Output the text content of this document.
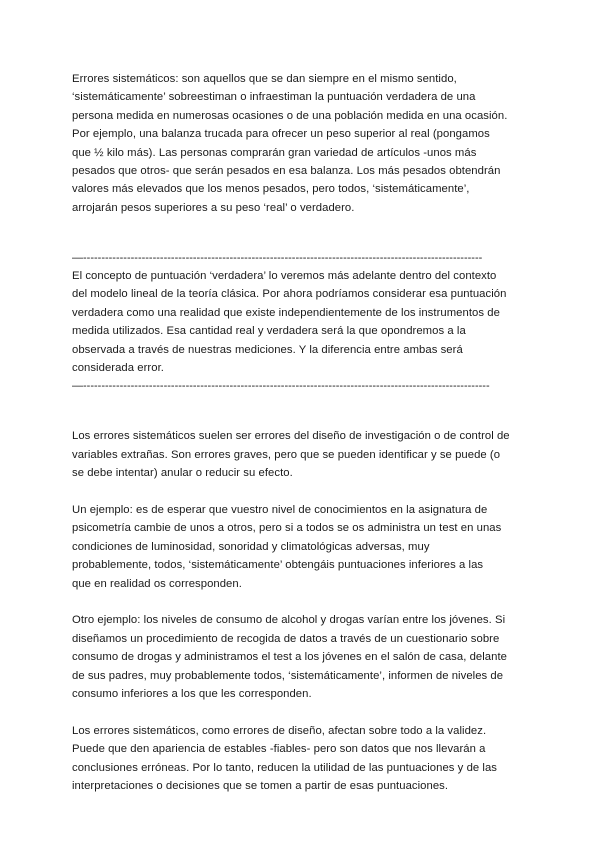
Errores sistemáticos: son aquellos que se dan siempre en el mismo sentido,
‘sistemáticamente’ sobreestiman o infraestiman la puntuación verdadera de una
persona medida en numerosas ocasiones o de una población medida en una ocasión.
Por ejemplo, una balanza trucada para ofrecer un peso superior al real (pongamos
que ½ kilo más). Las personas comprarán gran variedad de artículos -unos más
pesados que otros- que serán pesados en esa balanza. Los más pesados obtendrán
valores más elevados que los menos pesados, pero todos, ‘sistemáticamente’,
arrojarán pesos superiores a su peso ‘real’ o verdadero.

—-------------------------------------------------------------------------------------------------------------

El concepto de puntuación ‘verdadera’ lo veremos más adelante dentro del contexto
del modelo lineal de la teoría clásica. Por ahora podríamos considerar esa puntuación
verdadera como una realidad que existe independientemente de los instrumentos de
medida utilizados. Esa cantidad real y verdadera será la que opondremos a la
observada a través de nuestras mediciones. Y la diferencia entre ambas será
considerada error.

—---------------------------------------------------------------------------------------------------------------

Los errores sistemáticos suelen ser errores del diseño de investigación o de control de
variables extrañas. Son errores graves, pero que se pueden identificar y se puede (o
se debe intentar) anular o reducir su efecto.

Un ejemplo: es de esperar que vuestro nivel de conocimientos en la asignatura de
psicometría cambie de unos a otros, pero si a todos se os administra un test en unas
condiciones de luminosidad, sonoridad y climatológicas adversas, muy
probablemente, todos, ‘sistemáticamente’ obtengáis puntuaciones inferiores a las
que en realidad os corresponden.

Otro ejemplo: los niveles de consumo de alcohol y drogas varían entre los jóvenes. Si
diseñamos un procedimiento de recogida de datos a través de un cuestionario sobre
consumo de drogas y administramos el test a los jóvenes en el salón de casa, delante
de sus padres, muy probablemente todos, ‘sistemáticamente’, informen de niveles de
consumo inferiores a los que les corresponden.

Los errores sistemáticos, como errores de diseño, afectan sobre todo a la validez.
Puede que den apariencia de estables -fiables- pero son datos que nos llevarán a
conclusiones erróneas. Por lo tanto, reducen la utilidad de las puntuaciones y de las
interpretaciones o decisiones que se tomen a partir de esas puntuaciones.
